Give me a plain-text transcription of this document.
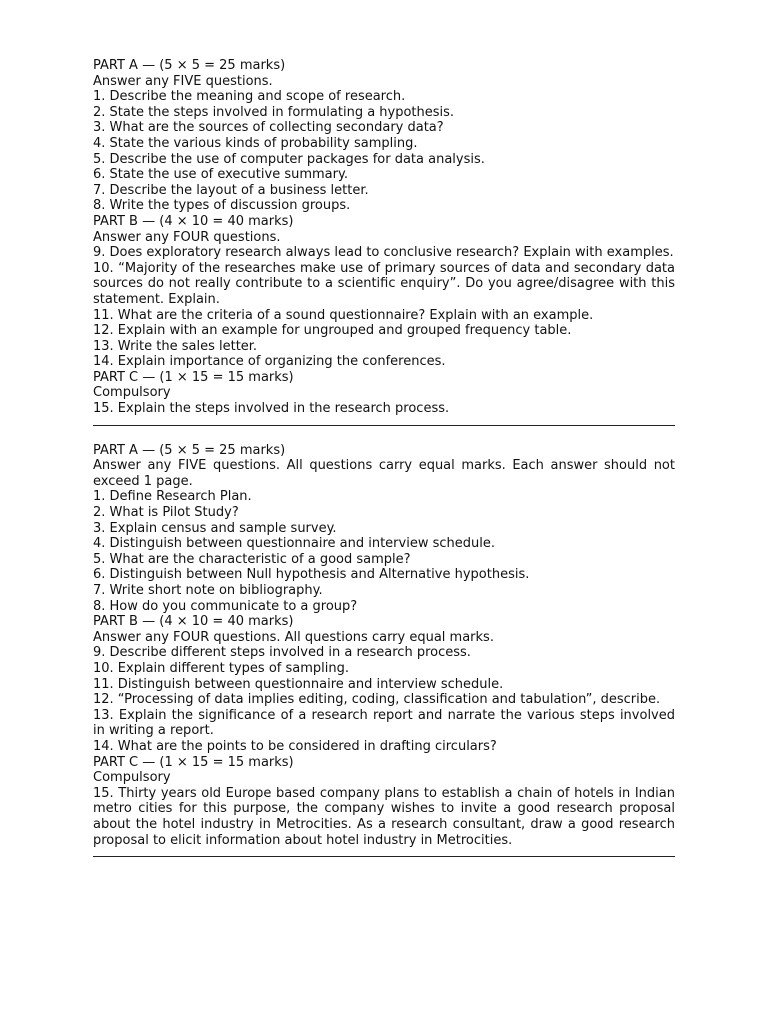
PART A — (5 × 5 = 25 marks)

Answer any FIVE questions.

1. Describe the meaning and scope of research.

2. State the steps involved in formulating a hypothesis.

3. What are the sources of collecting secondary data?

4. State the various kinds of probability sampling.

5. Describe the use of computer packages for data analysis.

6. State the use of executive summary.

7. Describe the layout of a business letter.

8. Write the types of discussion groups.

PART B — (4 × 10 = 40 marks)

Answer any FOUR questions.

9. Does exploratory research always lead to conclusive research? Explain with examples.

10. “Majority of the researches make use of primary sources of data and secondary data sources do not really contribute to a scientific enquiry”. Do you agree/disagree with this statement. Explain.

11. What are the criteria of a sound questionnaire? Explain with an example.

12. Explain with an example for ungrouped and grouped frequency table.

13. Write the sales letter.

14. Explain importance of organizing the conferences.

PART C — (1 × 15 = 15 marks)

Compulsory

15. Explain the steps involved in the research process.

PART A — (5 × 5 = 25 marks)

Answer any FIVE questions. All questions carry equal marks. Each answer should not exceed 1 page.

1. Define Research Plan.

2. What is Pilot Study?

3. Explain census and sample survey.

4. Distinguish between questionnaire and interview schedule.

5. What are the characteristic of a good sample?

6. Distinguish between Null hypothesis and Alternative hypothesis.

7. Write short note on bibliography.

8. How do you communicate to a group?

PART B — (4 × 10 = 40 marks)

Answer any FOUR questions. All questions carry equal marks.

9. Describe different steps involved in a research process.

10. Explain different types of sampling.

11. Distinguish between questionnaire and interview schedule.

12. “Processing of data implies editing, coding, classification and tabulation”, describe.

13. Explain the significance of a research report and narrate the various steps involved in writing a report.

14. What are the points to be considered in drafting circulars?

PART C — (1 × 15 = 15 marks)

Compulsory

15. Thirty years old Europe based company plans to establish a chain of hotels in Indian metro cities for this purpose, the company wishes to invite a good research proposal about the hotel industry in Metrocities. As a research consultant, draw a good research proposal to elicit information about hotel industry in Metrocities.
